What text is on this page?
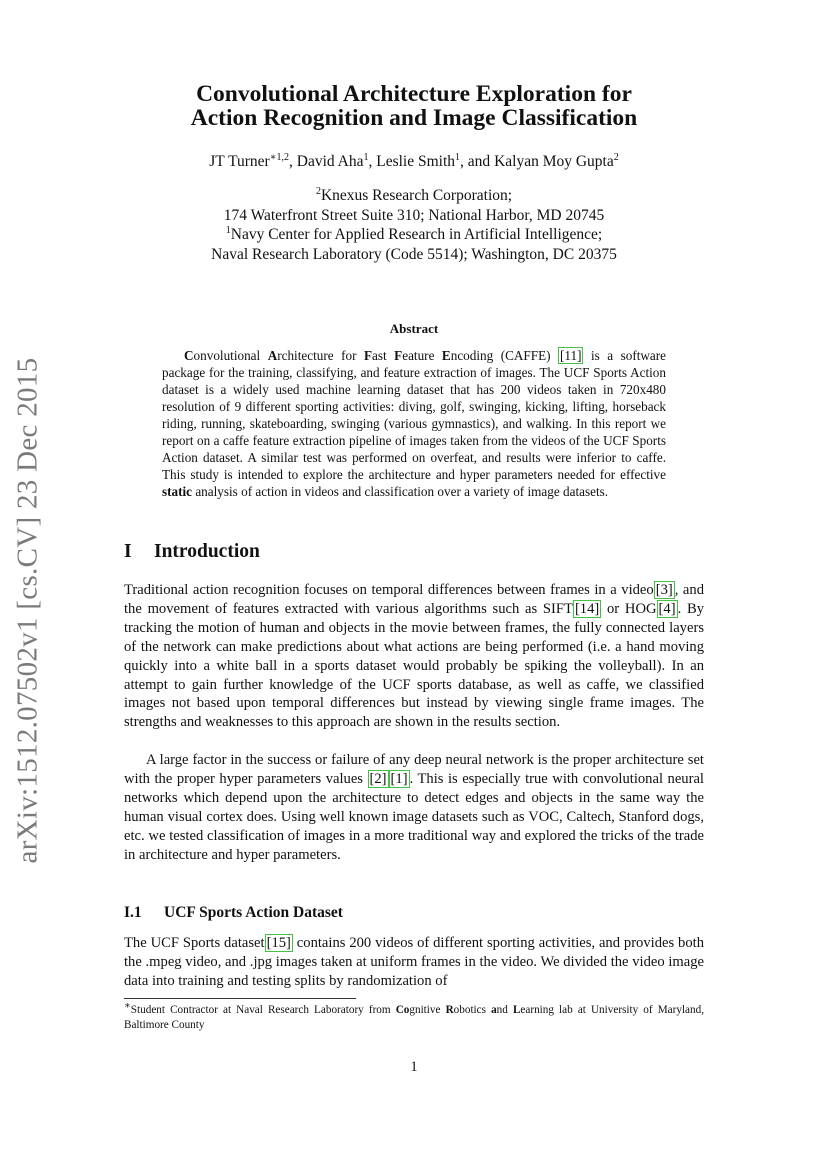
arXiv:1512.07502v1 [cs.CV] 23 Dec 2015
Convolutional Architecture Exploration for
Action Recognition and Image Classification
JT Turner$^{∗1,2}$, David Aha$^1$, Leslie Smith$^1$, and Kalyan Moy Gupta$^2$
$^2$Knexus Research Corporation;
174 Waterfront Street Suite 310; National Harbor, MD 20745
$^1$Navy Center for Applied Research in Artificial Intelligence;
Naval Research Laboratory (Code 5514); Washington, DC 20375
Abstract

Convolutional Architecture for Fast Feature Encoding (CAFFE) [11] is a software package for the training, classifying, and feature extraction of images. The UCF Sports Action dataset is a widely used machine learning dataset that has 200 videos taken in 720x480 resolution of 9 different sporting activities: diving, golf, swinging, kicking, lifting, horseback riding, running, skateboarding, swinging (various gymnastics), and walking. In this report we report on a caffe feature extraction pipeline of images taken from the videos of the UCF Sports Action dataset. A similar test was performed on overfeat, and results were inferior to caffe. This study is intended to explore the architecture and hyper parameters needed for effective static analysis of action in videos and classification over a variety of image datasets.

I Introduction

Traditional action recognition focuses on temporal differences between frames in a video [3] , and the movement of features extracted with various algorithms such as SIFT [14] or HOG [4] . By tracking the motion of human and objects in the movie between frames, the fully connected layers of the network can make predictions about what actions are being performed (i.e. a hand moving quickly into a white ball in a sports dataset would probably be spiking the volleyball). In an attempt to gain further knowledge of the UCF sports database, as well as caffe, we classified images not based upon temporal differences but instead by viewing single frame images. The strengths and weaknesses to this approach are shown in the results section.

A large factor in the success or failure of any deep neural network is the proper architecture set with the proper hyper parameters values [2] [1] . This is especially true with convolutional neural networks which depend upon the architecture to detect edges and objects in the same way the human visual cortex does. Using well known image datasets such as VOC, Caltech, Stanford dogs, etc. we tested classification of images in a more traditional way and explored the tricks of the trade in architecture and hyper parameters.

I.1 UCF Sports Action Dataset

The UCF Sports dataset [15] contains 200 videos of different sporting activities, and provides both the .mpeg video, and .jpg images taken at uniform frames in the video. We divided the video image data into training and testing splits by randomization of

∗Student Contractor at Naval Research Laboratory from Cognitive Robotics and Learning lab at University of Maryland, Baltimore County

1
